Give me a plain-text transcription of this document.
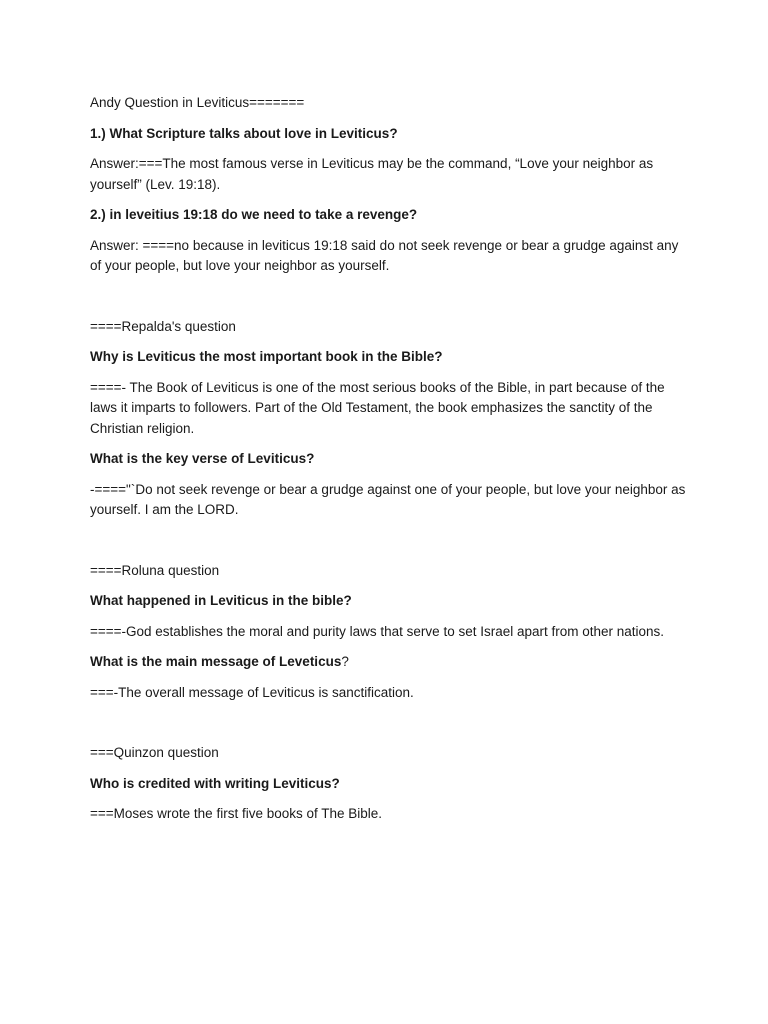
Andy Question in Leviticus=======

1.) What Scripture talks about love in Leviticus?

Answer:===The most famous verse in Leviticus may be the command, “Love your neighbor as yourself” (Lev. 19:18).

2.) in leveitius 19:18 do we need to take a revenge?

Answer: ====no because in leviticus 19:18 said do not seek revenge or bear a grudge against any of your people, but love your neighbor as yourself.

====Repalda's question

Why is Leviticus the most important book in the Bible?

====- The Book of Leviticus is one of the most serious books of the Bible, in part because of the laws it imparts to followers. Part of the Old Testament, the book emphasizes the sanctity of the Christian religion.

What is the key verse of Leviticus?

-===="`Do not seek revenge or bear a grudge against one of your people, but love your neighbor as yourself. I am the LORD.

====Roluna question

What happened in Leviticus in the bible?

====-God establishes the moral and purity laws that serve to set Israel apart from other nations.

What is the main message of Leveticus?

===-The overall message of Leviticus is sanctification.

===Quinzon question

Who is credited with writing Leviticus?

===Moses wrote the first five books of The Bible.
